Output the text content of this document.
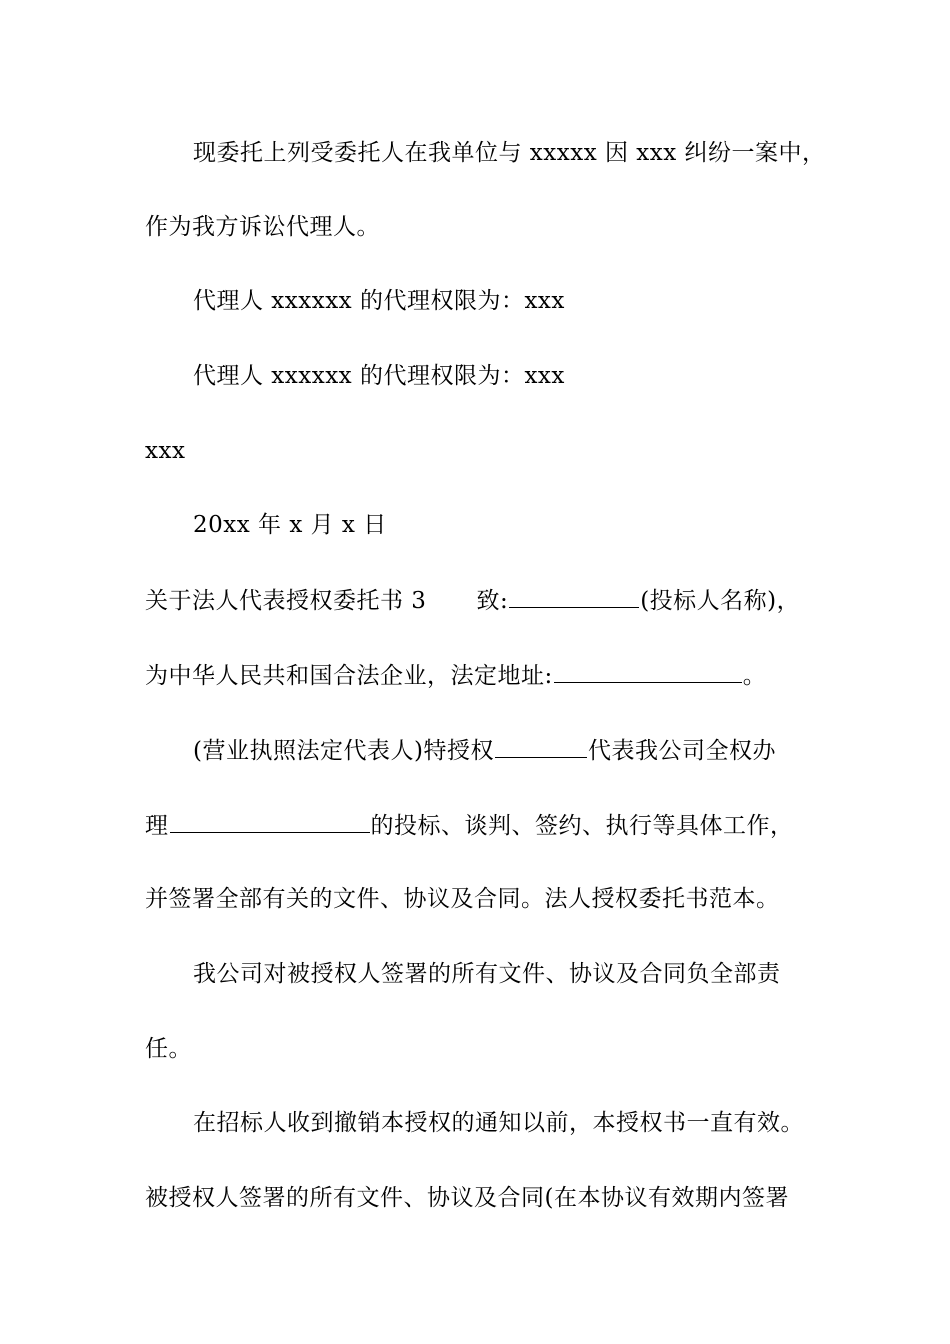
现委托上列受委托人在我单位与 xxxxx 因 xxx 纠纷一案中，
作为我方诉讼代理人。
代理人 xxxxxx 的代理权限为：xxx
代理人 xxxxxx 的代理权限为：xxx
xxx
20xx 年 x 月 x 日
关于法人代表授权委托书 3 致:	(投标人名称)，
为中华人民共和国合法企业，法定地址:	。
(营业执照法定代表人)特授权	代表我公司全权办
理	的投标、谈判、签约、执行等具体工作，
并签署全部有关的文件、协议及合同。法人授权委托书范本。
我公司对被授权人签署的所有文件、协议及合同负全部责
任。
在招标人收到撤销本授权的通知以前，本授权书一直有效。
被授权人签署的所有文件、协议及合同(在本协议有效期内签署
